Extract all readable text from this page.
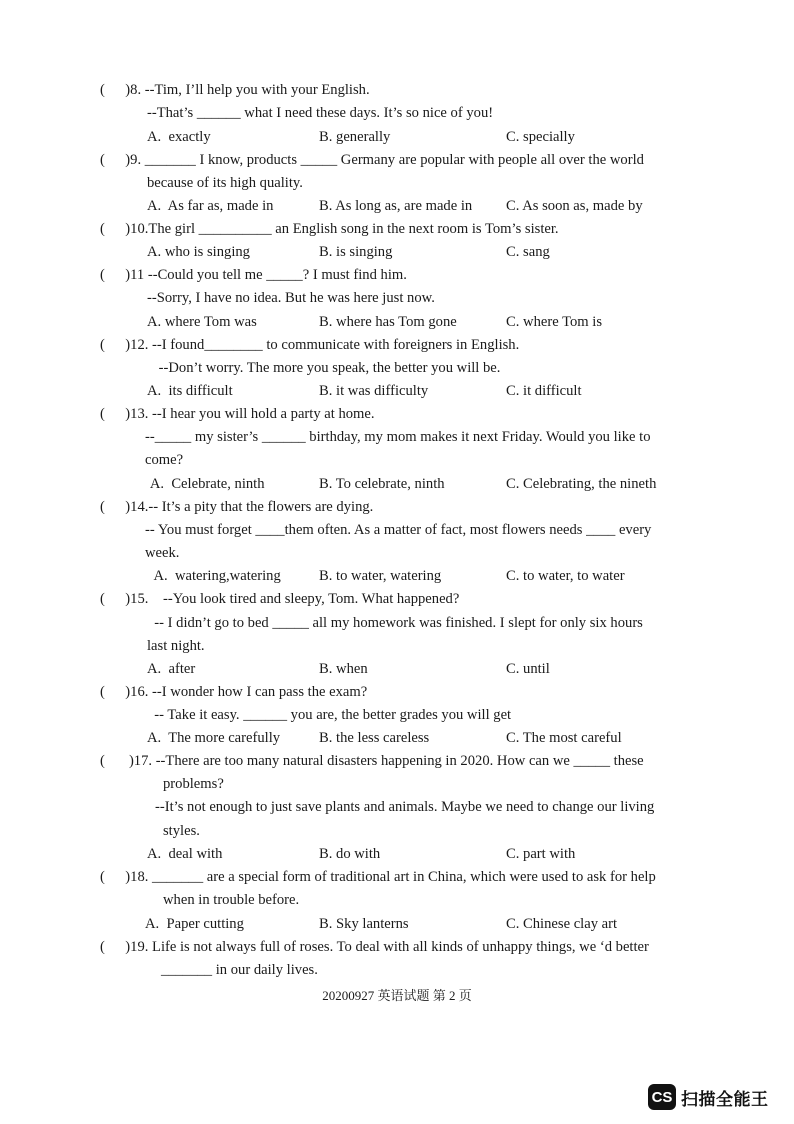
( )8. --Tim, I’ll help you with your English.
--That’s ______ what I need these days. It’s so nice of you!
A.  exactly	B. generally	C. specially
( )9. _______ I know, products _____ Germany are popular with people all over the world
because of its high quality.
A.  As far as, made in	B. As long as, are made in C. As soon as, made by
( )10.The girl __________ an English song in the next room is Tom’s sister.
A. who is singing	B. is singing	C. sang
( )11 --Could you tell me _____? I must find him.
--Sorry, I have no idea. But he was here just now.
A. where Tom was	B. where has Tom gone	C. where Tom is
( )12. --I found________ to communicate with foreigners in English.
--Don’t worry. The more you speak, the better you will be.
A.  its difficult	B. it was difficulty	C. it difficult
( )13. --I hear you will hold a party at home.
--_____ my sister’s ______ birthday, my mom makes it next Friday. Would you like to
come?
A.  Celebrate, ninth	B. To celebrate, ninth	C. Celebrating, the nineth
( )14.-- It’s a pity that the flowers are dying.
-- You must forget ____them often. As a matter of fact, most flowers needs ____ every
week.
A.  watering,watering	B. to water, watering	C. to water, to water
( )15.    --You look tired and sleepy, Tom. What happened?
-- I didn’t go to bed _____ all my homework was finished. I slept for only six hours
last night.
A.  after	B. when	C. until
( )16. --I wonder how I can pass the exam?
-- Take it easy. ______ you are, the better grades you will get
A.  The more carefully	B. the less careless	C. The most careful
( )17. --There are too many natural disasters happening in 2020. How can we _____ these
problems?
--It’s not enough to just save plants and animals. Maybe we need to change our living
styles.
A.  deal with	B. do with	C. part with
( )18. _______ are a special form of traditional art in China, which were used to ask for help
when in trouble before.
A.  Paper cutting	B. Sky lanterns	C. Chinese clay art
( )19. Life is not always full of roses. To deal with all kinds of unhappy things, we ‘d better
_______ in our daily lives.
20200927 英语试题 第 2 页
CS 扫描全能王
